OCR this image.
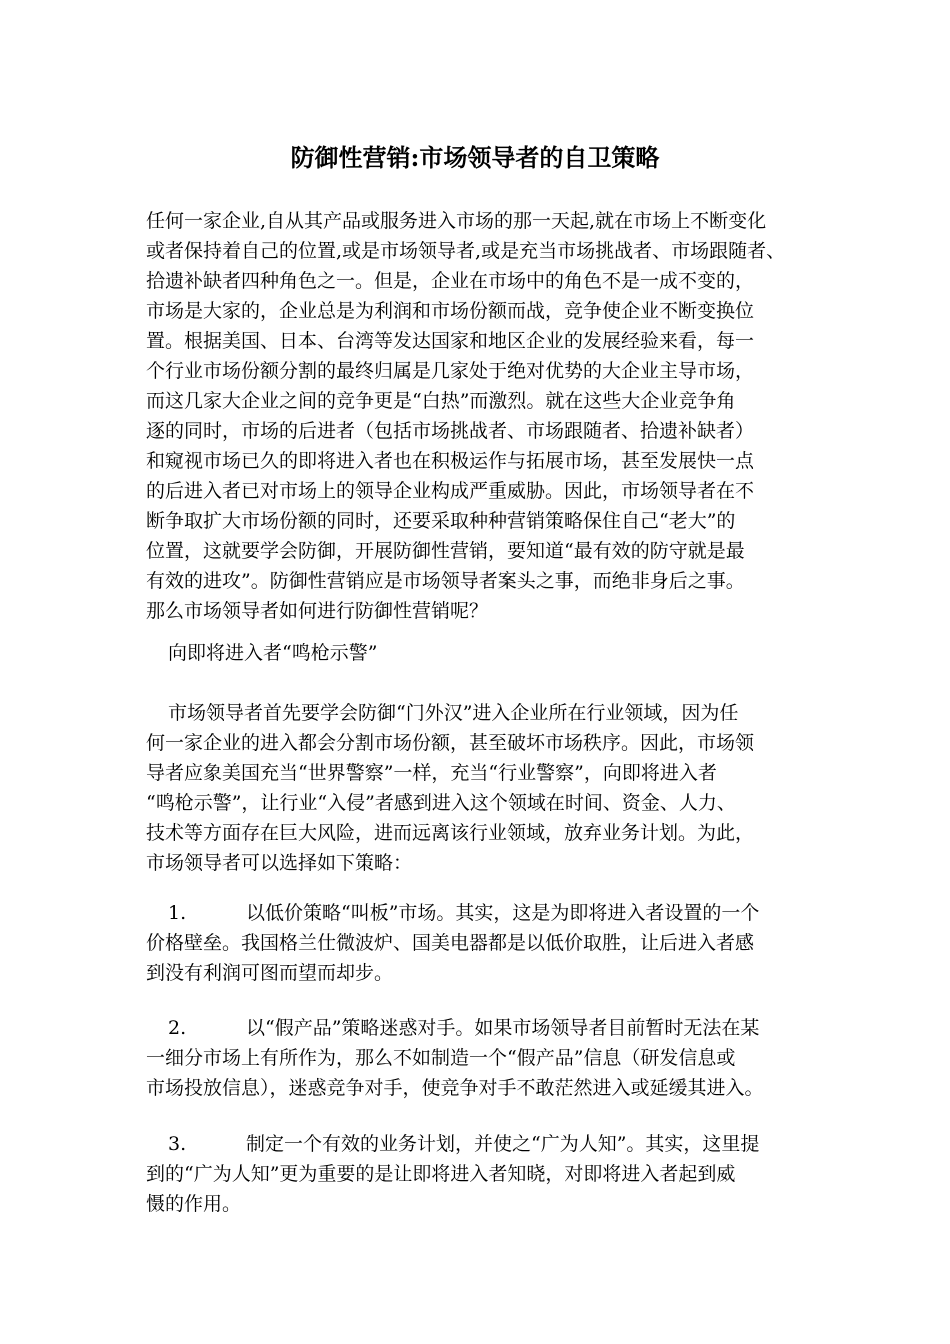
防御性营销:市场领导者的自卫策略
任何一家企业,自从其产品或服务进入市场的那一天起,就在市场上不断变化
或者保持着自己的位置,或是市场领导者,或是充当市场挑战者、市场跟随者、
拾遗补缺者四种角色之一。但是，企业在市场中的角色不是一成不变的，
市场是大家的，企业总是为利润和市场份额而战，竞争使企业不断变换位
置。根据美国、日本、台湾等发达国家和地区企业的发展经验来看，每一
个行业市场份额分割的最终归属是几家处于绝对优势的大企业主导市场，
而这几家大企业之间的竞争更是“白热”而激烈。就在这些大企业竞争角
逐的同时，市场的后进者（包括市场挑战者、市场跟随者、拾遗补缺者）
和窥视市场已久的即将进入者也在积极运作与拓展市场，甚至发展快一点
的后进入者已对市场上的领导企业构成严重威胁。因此，市场领导者在不
断争取扩大市场份额的同时，还要采取种种营销策略保住自己“老大”的
位置，这就要学会防御，开展防御性营销，要知道“最有效的防守就是最
有效的进攻”。防御性营销应是市场领导者案头之事，而绝非身后之事。
那么市场领导者如何进行防御性营销呢？
向即将进入者“鸣枪示警”
市场领导者首先要学会防御“门外汉”进入企业所在行业领域，因为任
何一家企业的进入都会分割市场份额，甚至破坏市场秩序。因此，市场领
导者应象美国充当“世界警察”一样，充当“行业警察”，向即将进入者
“鸣枪示警”，让行业“入侵”者感到进入这个领域在时间、资金、人力、
技术等方面存在巨大风险，进而远离该行业领域，放弃业务计划。为此，
市场领导者可以选择如下策略：
1.	以低价策略“叫板”市场。其实，这是为即将进入者设置的一个
价格壁垒。我国格兰仕微波炉、国美电器都是以低价取胜，让后进入者感
到没有利润可图而望而却步。
2.	以“假产品”策略迷惑对手。如果市场领导者目前暂时无法在某
一细分市场上有所作为，那么不如制造一个“假产品”信息（研发信息或
市场投放信息），迷惑竞争对手，使竞争对手不敢茫然进入或延缓其进入。
3.	制定一个有效的业务计划，并使之“广为人知”。其实，这里提
到的“广为人知”更为重要的是让即将进入者知晓，对即将进入者起到威
慑的作用。
